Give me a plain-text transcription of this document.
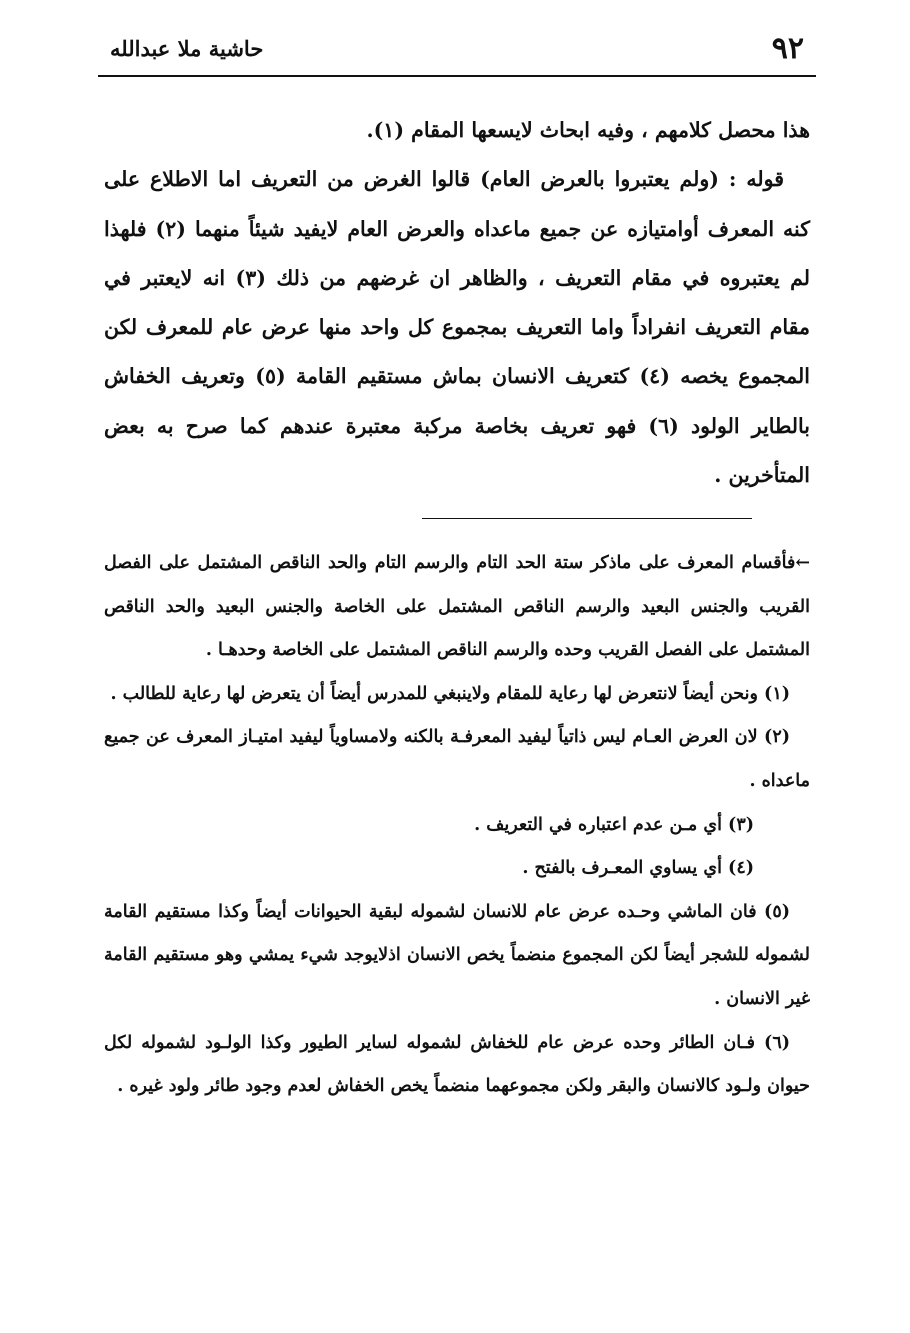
٩٢
حاشية ملا عبدالله

هذا محصل كلامهم ، وفيه ابحاث لايسعها المقام (١).

قوله : (ولم يعتبروا بالعرض العام) قالوا الغرض من التعريف اما الاطلاع على كنه المعرف أوامتيازه عن جميع ماعداه والعرض العام لايفيد شيئاً منهما (٢) فلهذا لم يعتبروه في مقام التعريف ، والظاهر ان غرضهم من ذلك (٣) انه لايعتبر في مقام التعريف انفراداً واما التعريف بمجموع كل واحد منها عرض عام للمعرف لكن المجموع يخصه (٤) كتعريف الانسان بماش مستقيم القامة (٥) وتعريف الخفاش بالطاير الولود (٦) فهو تعريف بخاصة مركبة معتبرة عندهم كما صرح به بعض المتأخرين .

←فأقسام المعرف على ماذكر ستة الحد التام والرسم التام والحد الناقص المشتمل على الفصل القريب والجنس البعيد والرسم الناقص المشتمل على الخاصة والجنس البعيد والحد الناقص المشتمل على الفصل القريب وحده والرسم الناقص المشتمل على الخاصة وحدهـا .

(١) ونحن أيضاً لانتعرض لها رعاية للمقام ولاينبغي للمدرس أيضاً أن يتعرض لها رعاية للطالب .

(٢) لان العرض العـام ليس ذاتياً ليفيد المعرفـة بالكنه ولامساوياً ليفيد امتيـاز المعرف عن جميع ماعداه .

(٣) أي مـن عدم اعتباره في التعريف .

(٤) أي يساوي المعـرف بالفتح .

(٥) فان الماشي وحـده عرض عام للانسان لشموله لبقية الحيوانات أيضاً وكذا مستقيم القامة لشموله للشجر أيضاً لكن المجموع منضماً يخص الانسان اذلايوجد شيء يمشي وهو مستقيم القامة غير الانسان .

(٦) فـان الطائر وحده عرض عام للخفاش لشموله لساير الطيور وكذا الولـود لشموله لكل حيوان ولـود كالانسان والبقر ولكن مجموعهما منضماً يخص الخفاش لعدم وجود طائر ولود غيره .
